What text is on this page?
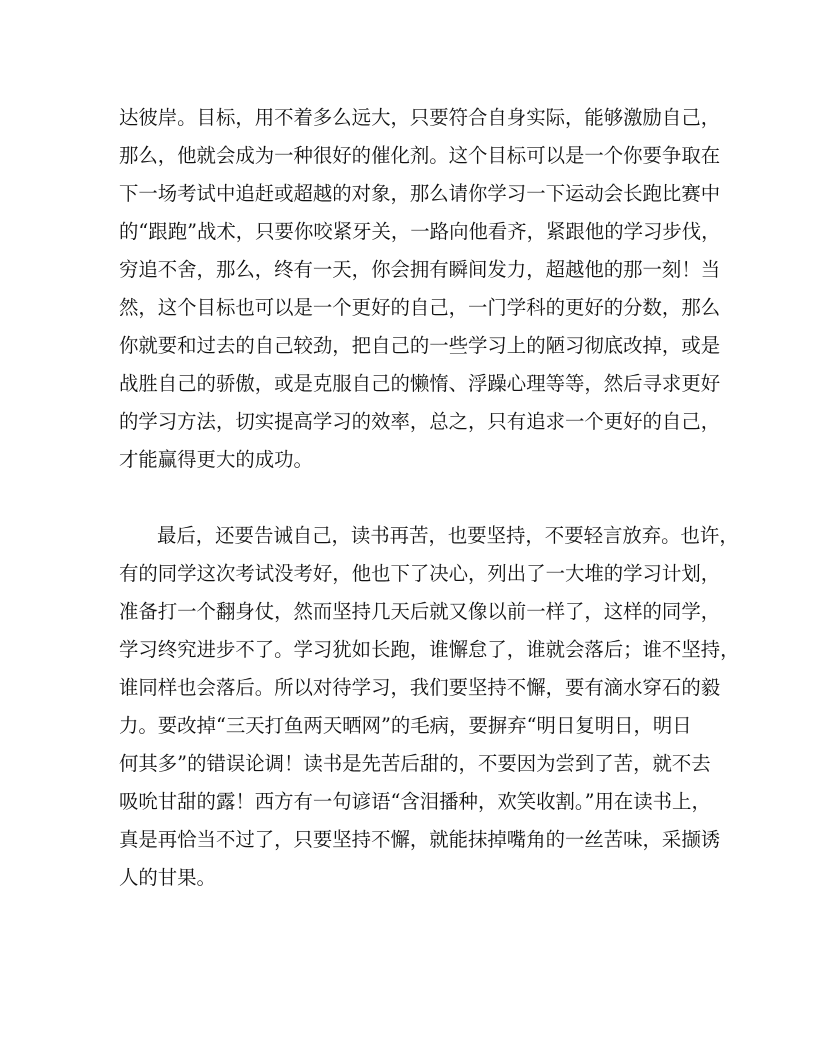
达彼岸。目标，用不着多么远大，只要符合自身实际，能够激励自己，
那么，他就会成为一种很好的催化剂。这个目标可以是一个你要争取在
下一场考试中追赶或超越的对象，那么请你学习一下运动会长跑比赛中
的“跟跑”战术，只要你咬紧牙关，一路向他看齐，紧跟他的学习步伐，
穷追不舍，那么，终有一天，你会拥有瞬间发力，超越他的那一刻！当
然，这个目标也可以是一个更好的自己，一门学科的更好的分数，那么
你就要和过去的自己较劲，把自己的一些学习上的陋习彻底改掉，或是
战胜自己的骄傲，或是克服自己的懒惰、浮躁心理等等，然后寻求更好
的学习方法，切实提高学习的效率，总之，只有追求一个更好的自己，
才能赢得更大的成功。
最后，还要告诫自己，读书再苦，也要坚持，不要轻言放弃。也许，
有的同学这次考试没考好，他也下了决心，列出了一大堆的学习计划，
准备打一个翻身仗，然而坚持几天后就又像以前一样了，这样的同学，
学习终究进步不了。学习犹如长跑，谁懈怠了，谁就会落后；谁不坚持，
谁同样也会落后。所以对待学习，我们要坚持不懈，要有滴水穿石的毅
力。要改掉“三天打鱼两天晒网”的毛病，要摒弃“明日复明日，明日
何其多”的错误论调！读书是先苦后甜的，不要因为尝到了苦，就不去
吸吮甘甜的露！西方有一句谚语“含泪播种，欢笑收割。”用在读书上，
真是再恰当不过了，只要坚持不懈，就能抹掉嘴角的一丝苦味，采撷诱
人的甘果。
